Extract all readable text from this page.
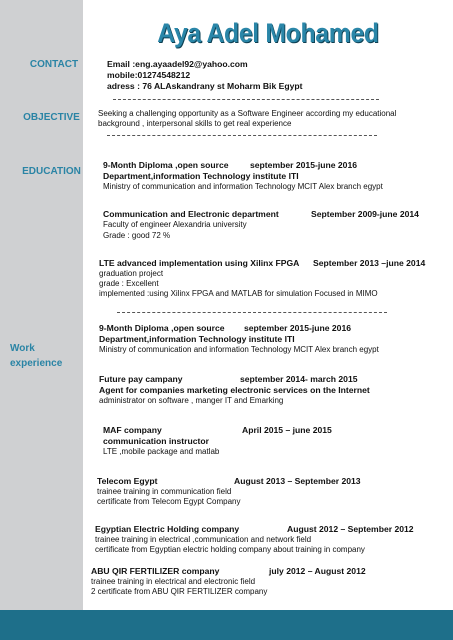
Aya Adel Mohamed
CONTACT
OBJECTIVE
EDUCATION
Work
experience
Email :eng.ayaadel92@yahoo.com
mobile:01274548212
adress : 76 ALAskandrany st Moharm Bik Egypt
Seeking a challenging opportunity as a Software Engineer according my educational
background , interpersonal skills to get real experience
9-Month Diploma ,open source september 2015-june 2016
Department,information Technology institute ITI
Ministry of communication and information Technology MCIT Alex branch egypt
Communication and Electronic department	September 2009-june 2014
Faculty of engineer Alexandria university
Grade : good 72 %
LTE advanced implementation using Xilinx FPGA September 2013 –june 2014
graduation project
grade : Excellent
implemented :using Xilinx FPGA and MATLAB for simulation Focused in MIMO
9-Month Diploma ,open source september 2015-june 2016
Department,information Technology institute ITI
Ministry of communication and information Technology MCIT Alex branch egypt
Future pay campany	september 2014- march 2015
Agent for companies marketing electronic services on the Internet
administrator on software , manger IT and Emarking
MAF company	April 2015 – june 2015
communication instructor
LTE ,mobile package and matlab
Telecom Egypt	August 2013 – September 2013
trainee training in communication field
certificate from Telecom Egypt Company
Egyptian Electric Holding company	August 2012 – September 2012
trainee training in electrical ,communication and network field
certificate from Egyptian electric holding company about training in company
ABU QIR FERTILIZER company	july 2012 – August 2012
trainee training in electrical and electronic field
2 certificate from ABU QIR FERTILIZER company
